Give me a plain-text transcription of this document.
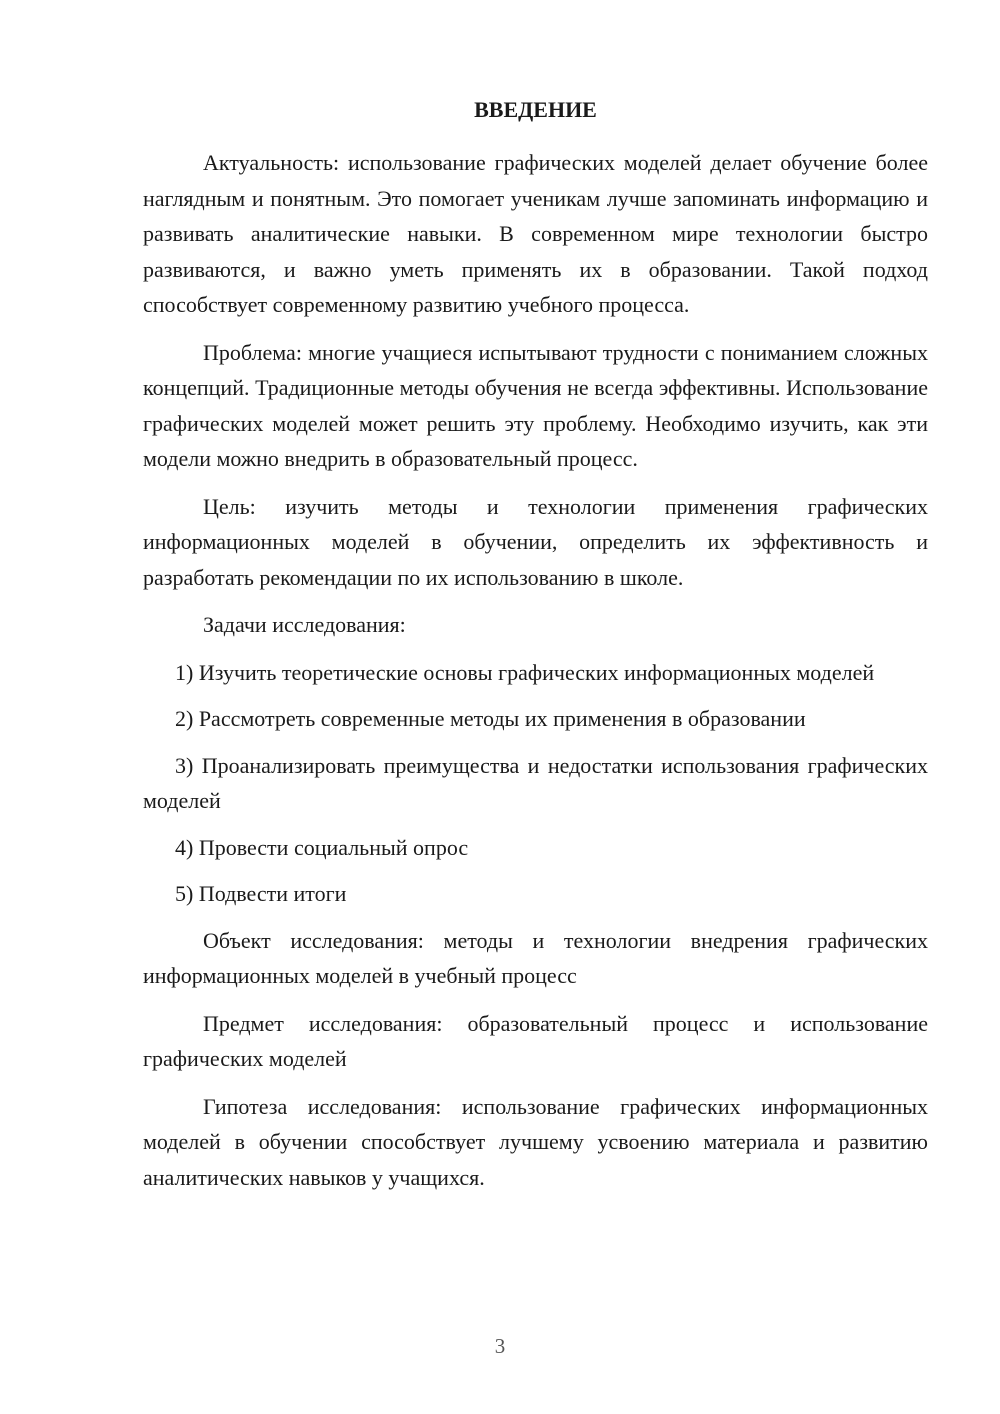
ВВЕДЕНИЕ

Актуальность: использование графических моделей делает обучение более наглядным и понятным. Это помогает ученикам лучше запоминать информацию и развивать аналитические навыки. В современном мире технологии быстро развиваются, и важно уметь применять их в образовании. Такой подход способствует современному развитию учебного процесса.

Проблема: многие учащиеся испытывают трудности с пониманием сложных концепций. Традиционные методы обучения не всегда эффективны. Использование графических моделей может решить эту проблему. Необходимо изучить, как эти модели можно внедрить в образовательный процесс.

Цель: изучить методы и технологии применения графических информационных моделей в обучении, определить их эффективность и разработать рекомендации по их использованию в школе.

Задачи исследования:

1) Изучить теоретические основы графических информационных моделей

2) Рассмотреть современные методы их применения в образовании

3) Проанализировать преимущества и недостатки использования графических моделей

4) Провести социальный опрос

5) Подвести итоги

Объект исследования: методы и технологии внедрения графических информационных моделей в учебный процесс

Предмет исследования: образовательный процесс и использование графических моделей

Гипотеза исследования: использование графических информационных моделей в обучении способствует лучшему усвоению материала и развитию аналитических навыков у учащихся.

3
